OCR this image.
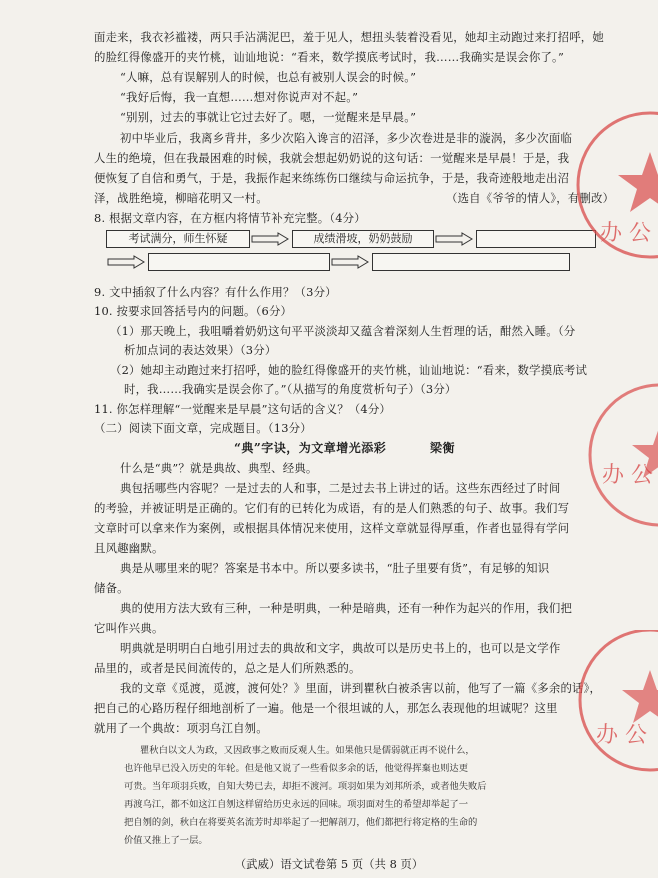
面走来，我衣衫褴褛，两只手沾满泥巴，羞于见人，想扭头装着没看见，她却主动跑过来打招呼，她
的脸红得像盛开的夹竹桃，讪讪地说：“看来，数学摸底考试时，我……我确实是误会你了。”
“人嘛，总有误解别人的时候，也总有被别人误会的时候。”
“我好后悔，我一直想……想对你说声对不起。”
“别别，过去的事就让它过去好了。嗯，一觉醒来是早晨。”
初中毕业后，我离乡背井，多少次陷入谗言的沼泽，多少次卷进是非的漩涡，多少次面临
人生的绝境，但在我最困难的时候，我就会想起奶奶说的这句话：一觉醒来是早晨！于是，我
便恢复了自信和勇气，于是，我振作起来练练伤口继续与命运抗争，于是，我奇迹般地走出沼
泽，战胜绝境，柳暗花明又一村。	（选自《爷爷的情人》，有删改）
8. 根据文章内容，在方框内将情节补充完整。（4分）
考试满分，师生怀疑	成绩滑坡，奶奶鼓励
9. 文中插叙了什么内容？有什么作用？（3分）
10. 按要求回答括号内的问题。（6分）
（1）那天晚上，我咀嚼着奶奶这句平平淡淡却又蕴含着深刻人生哲理的话，酣然入睡。（分
析加点词的表达效果）（3分）
（2）她却主动跑过来打招呼，她的脸红得像盛开的夹竹桃，讪讪地说：“看来，数学摸底考试
时，我……我确实是误会你了。”（从描写的角度赏析句子）（3分）
11. 你怎样理解“一觉醒来是早晨”这句话的含义？（4分）
（二）阅读下面文章，完成题目。（13分）
“典”字诀，为文章增光添彩	梁衡
什么是“典”？就是典故、典型、经典。
典包括哪些内容呢？一是过去的人和事，二是过去书上讲过的话。这些东西经过了时间
的考验，并被证明是正确的。它们有的已转化为成语，有的是人们熟悉的句子、故事。我们写
文章时可以拿来作为案例，或根据具体情况来使用，这样文章就显得厚重，作者也显得有学问
且风趣幽默。
典是从哪里来的呢？答案是书本中。所以要多读书，“肚子里要有货”，有足够的知识
储备。
典的使用方法大致有三种，一种是明典，一种是暗典，还有一种作为起兴的作用，我们把
它叫作兴典。
明典就是明明白白地引用过去的典故和文字，典故可以是历史书上的，也可以是文学作
品里的，或者是民间流传的，总之是人们所熟悉的。
我的文章《觅渡，觅渡，渡何处？》里面，讲到瞿秋白被杀害以前，他写了一篇《多余的话》，
把自己的心路历程仔细地剖析了一遍。他是一个很坦诚的人，那怎么表现他的坦诚呢？这里
就用了一个典故：项羽乌江自刎。
瞿秋白以文人为政，又因政事之败而反观人生。如果他只是儒弱就正再不说什么，
也许他早已没入历史的年轮。但是他又说了一些看似多余的话，他觉得挥棄也则达更
可贵。当年项羽兵败，自知大势已去，却拒不渡河。项羽如果为刘邦所杀，或者他失败后
再渡乌江，都不如这江自刎这样留给历史永远的回味。项羽面对生的希望却举起了一
把自刎的剑，秋白在将要英名流芳时却举起了一把解剖刀，他们都把行将定格的生命的
价值又推上了一层。
（武威）语文试卷第 5 页（共 8 页）
办 公
办 公
办 公
